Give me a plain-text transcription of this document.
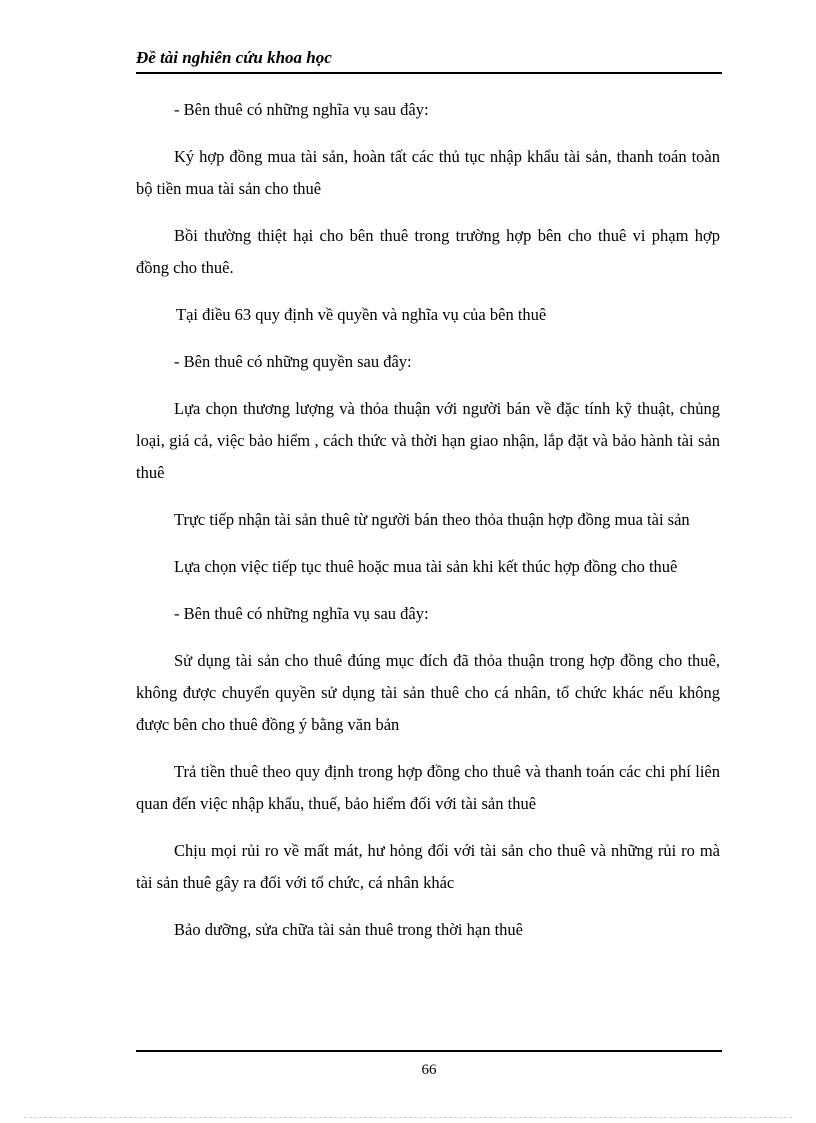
Đề tài nghiên cứu khoa học

- Bên thuê có những nghĩa vụ sau đây:

Ký hợp đồng mua tài sản, hoàn tất các thủ tục nhập khẩu tài sản, thanh toán toàn bộ tiền mua tài sản cho thuê

Bồi thường thiệt hại cho bên thuê trong trường hợp bên cho thuê vi phạm hợp đồng cho thuê.

Tại điều 63 quy định về quyền và nghĩa vụ của bên thuê

- Bên thuê có những quyền sau đây:

Lựa chọn thương lượng và thỏa thuận với người bán về đặc tính kỹ thuật, chủng loại, giá cả, việc bảo hiểm , cách thức và thời hạn giao nhận, lắp đặt và bảo hành tài sản thuê

Trực tiếp nhận tài sản thuê từ người bán theo thỏa thuận hợp đồng mua tài sản

Lựa chọn việc tiếp tục thuê hoặc mua tài sản khi kết thúc hợp đồng cho thuê

- Bên thuê có những nghĩa vụ sau đây:

Sử dụng tài sản cho thuê đúng mục đích đã thỏa thuận trong hợp đồng cho thuê, không được chuyển quyền sử dụng tài sản thuê cho cá nhân, tổ chức khác nếu không được bên cho thuê đồng ý bằng văn bản

Trả tiền thuê theo quy định trong hợp đồng cho thuê và thanh toán các chi phí liên quan đến việc nhập khẩu, thuế, bảo hiểm đối với tài sản thuê

Chịu mọi rủi ro về mất mát, hư hỏng đối với tài sản cho thuê và những rủi ro mà tài sản thuê gây ra đối với tổ chức, cá nhân khác

Bảo dưỡng, sửa chữa tài sản thuê trong thời hạn thuê

66
